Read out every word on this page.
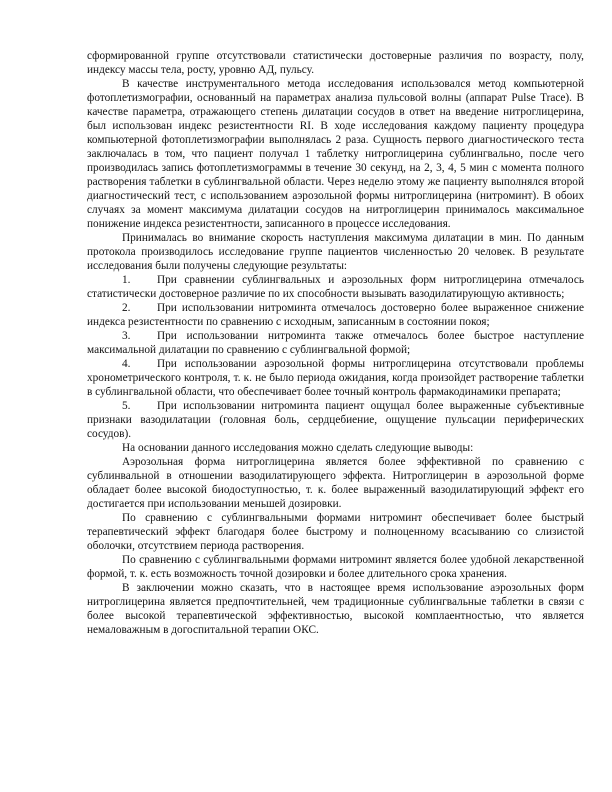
сформированной группе отсутствовали статистически достоверные различия по возрасту, полу, индексу массы тела, росту, уровню АД, пульсу.

В качестве инструментального метода исследования использовался метод компьютерной фотоплетизмографии, основанный на параметрах анализа пульсовой волны (аппарат Pulse Trace). В качестве параметра, отражающего степень дилатации сосудов в ответ на введение нитроглицерина, был использован индекс резистентности RI. В ходе исследования каждому пациенту процедура компьютерной фотоплетизмографии выполнялась 2 раза. Сущность первого диагностического теста заключалась в том, что пациент получал 1 таблетку нитроглицерина сублингвально, после чего производилась запись фотоплетизмограммы в течение 30 секунд, на 2, 3, 4, 5 мин с момента полного растворения таблетки в сублингвальной области. Через неделю этому же пациенту выполнялся второй диагностический тест, с использованием аэрозольной формы нитроглицерина (нитроминт). В обоих случаях за момент максимума дилатации сосудов на нитроглицерин принималось максимальное понижение индекса резистентности, записанного в процессе исследования.

Принималась во внимание скорость наступления максимума дилатации в мин. По данным протокола производилось исследование группе пациентов численностью 20 человек. В результате исследования были получены следующие результаты:

1. При сравнении сублингвальных и аэрозольных форм нитроглицерина отмечалось статистически достоверное различие по их способности вызывать вазодилатирующую активность;

2. При использовании нитроминта отмечалось достоверно более выраженное снижение индекса резистентности по сравнению с исходным, записанным в состоянии покоя;

3. При использовании нитроминта также отмечалось более быстрое наступление максимальной дилатации по сравнению с сублингвальной формой;

4. При использовании аэрозольной формы нитроглицерина отсутствовали проблемы хронометрического контроля, т. к. не было периода ожидания, когда произойдет растворение таблетки в сублингвальной области, что обеспечивает более точный контроль фармакодинамики препарата;

5. При использовании нитроминта пациент ощущал более выраженные субъективные признаки вазодилатации (головная боль, сердцебиение, ощущение пульсации периферических сосудов).

На основании данного исследования можно сделать следующие выводы:

Аэрозольная форма нитроглицерина является более эффективной по сравнению с сублинвальной в отношении вазодилатирующего эффекта. Нитроглицерин в аэрозольной форме обладает более высокой биодоступностью, т. к. более выраженный вазодилатирующий эффект его достигается при использовании меньшей дозировки.

По сравнению с сублингвальными формами нитроминт обеспечивает более быстрый терапевтический эффект благодаря более быстрому и полноценному всасыванию со слизистой оболочки, отсутствием периода растворения.

По сравнению с сублингвальными формами нитроминт является более удобной лекарственной формой, т. к. есть возможность точной дозировки и более длительного срока хранения.

В заключении можно сказать, что в настоящее время использование аэрозольных форм нитроглицерина является предпочтительней, чем традиционные сублингвальные таблетки в связи с более высокой терапевтической эффективностью, высокой комплаентностью, что является немаловажным в догоспитальной терапии ОКС.
